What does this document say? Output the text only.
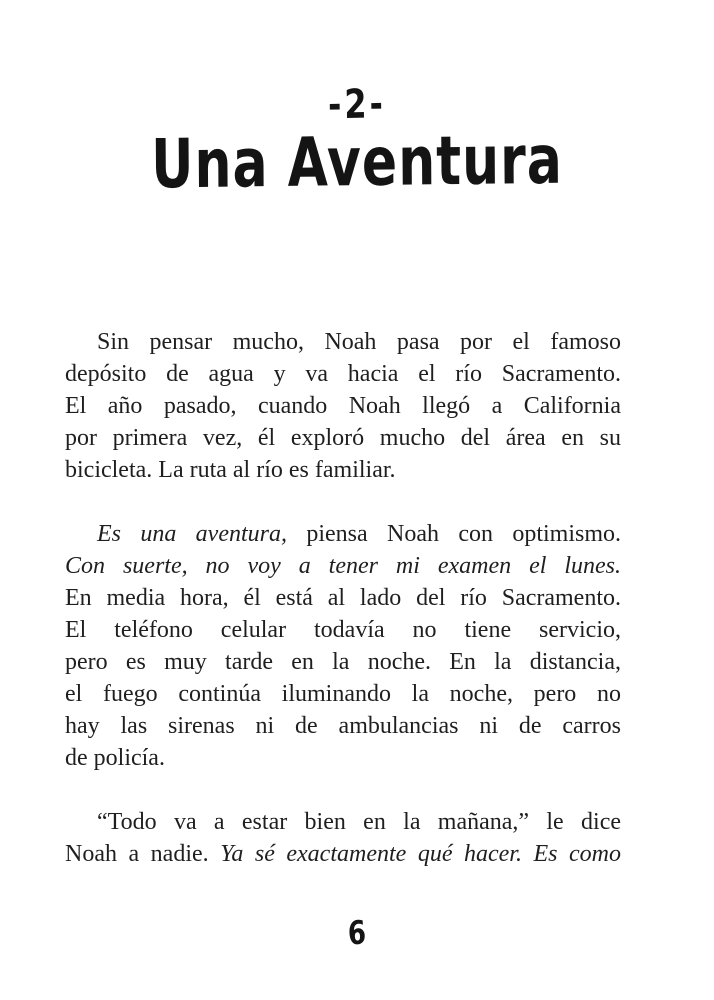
-2-
Una Aventura
Sin pensar mucho, Noah pasa por el famoso
depósito de agua y va hacia el río Sacramento.
El año pasado, cuando Noah llegó a California
por primera vez, él exploró mucho del área en su
bicicleta. La ruta al río es familiar.
Es una aventura, piensa Noah con optimismo.
Con suerte, no voy a tener mi examen el lunes.
En media hora, él está al lado del río Sacramento.
El teléfono celular todavía no tiene servicio,
pero es muy tarde en la noche. En la distancia,
el fuego continúa iluminando la noche, pero no
hay las sirenas ni de ambulancias ni de carros
de policía.
“Todo va a estar bien en la mañana,” le dice
Noah a nadie. Ya sé exactamente qué hacer. Es como
6
